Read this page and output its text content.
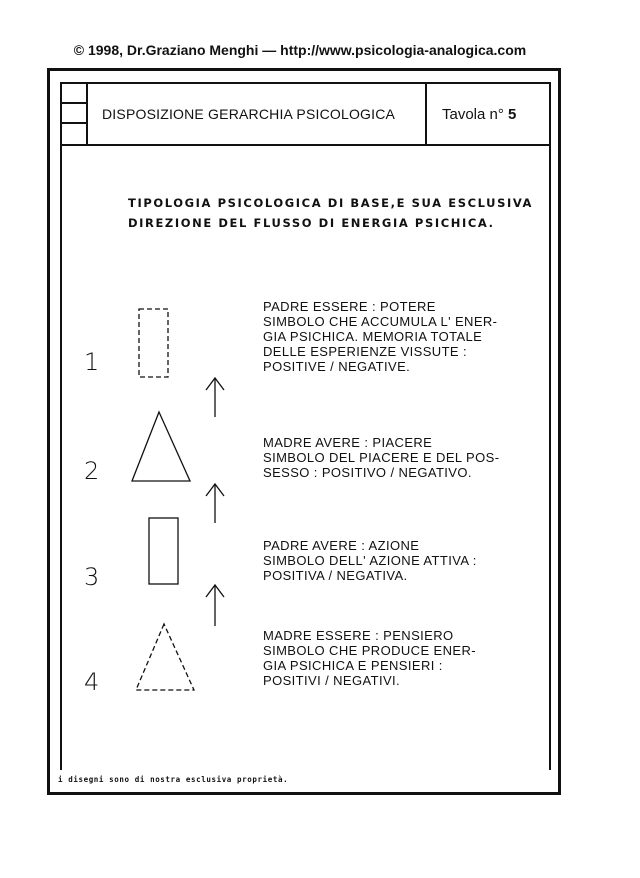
© 1998, Dr.Graziano Menghi — http://www.psicologia-analogica.com
DISPOSIZIONE GERARCHIA PSICOLOGICA	Tavola n° 5
TIPOLOGIA PSICOLOGICA DI BASE,E SUA ESCLUSIVA
DIREZIONE DEL FLUSSO DI ENERGIA PSICHICA.
1
2
3
4
PADRE ESSERE : POTERE
SIMBOLO CHE ACCUMULA L' ENER-
GIA PSICHICA. MEMORIA TOTALE
DELLE ESPERIENZE VISSUTE :
POSITIVE / NEGATIVE.
MADRE AVERE : PIACERE
SIMBOLO DEL PIACERE E DEL POS-
SESSO : POSITIVO / NEGATIVO.
PADRE AVERE : AZIONE
SIMBOLO DELL' AZIONE ATTIVA :
POSITIVA / NEGATIVA.
MADRE ESSERE : PENSIERO
SIMBOLO CHE PRODUCE ENER-
GIA PSICHICA E PENSIERI :
POSITIVI / NEGATIVI.
i disegni sono di nostra esclusiva proprietà.
